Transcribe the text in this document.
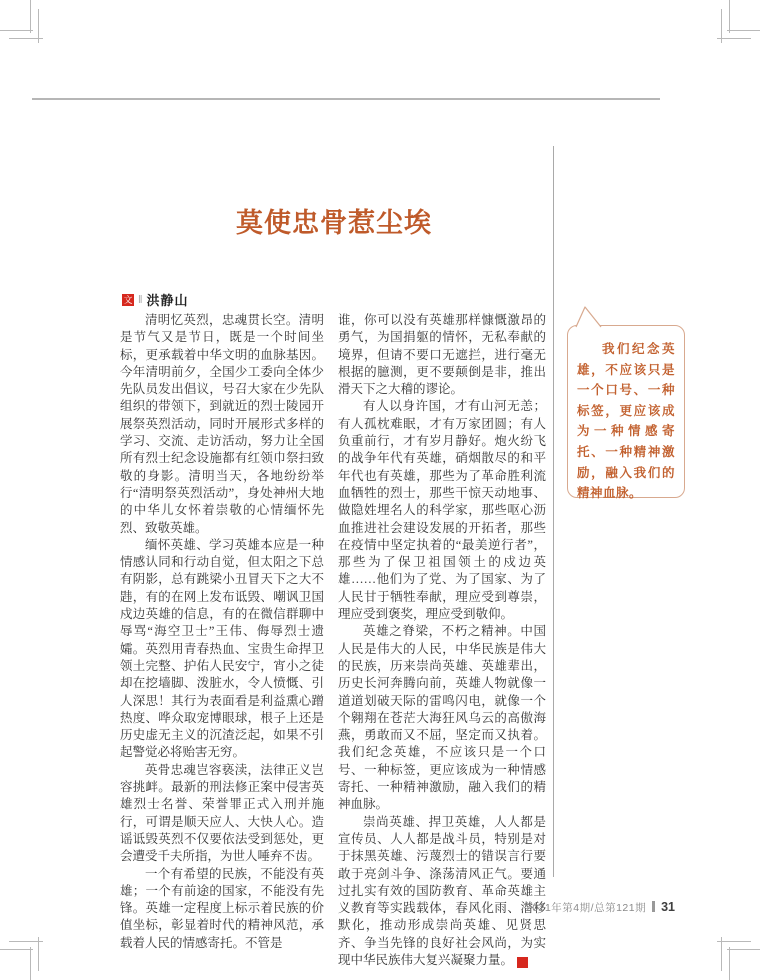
莫使忠骨惹尘埃
文 ‖ 洪静山

清明忆英烈，忠魂贯长空。清明是节气又是节日，既是一个时间坐标，更承载着中华文明的血脉基因。今年清明前夕，全国少工委向全体少先队员发出倡议，号召大家在少先队组织的带领下，到就近的烈士陵园开展祭英烈活动，同时开展形式多样的学习、交流、走访活动，努力让全国所有烈士纪念设施都有红领巾祭扫致敬的身影。清明当天，各地纷纷举行“清明祭英烈活动”，身处神州大地的中华儿女怀着崇敬的心情缅怀先烈、致敬英雄。

缅怀英雄、学习英雄本应是一种情感认同和行动自觉，但太阳之下总有阴影，总有跳梁小丑冒天下之大不韪，有的在网上发布诋毁、嘲讽卫国戍边英雄的信息，有的在微信群聊中辱骂“海空卫士”王伟、侮辱烈士遗孀。英烈用青春热血、宝贵生命捍卫领土完整、护佑人民安宁，宵小之徒却在挖墙脚、泼脏水，令人愤慨、引人深思！其行为表面看是利益熏心蹭热度、哗众取宠博眼球，根子上还是历史虚无主义的沉渣泛起，如果不引起警觉必将贻害无穷。

英骨忠魂岂容亵渎，法律正义岂容挑衅。最新的刑法修正案中侵害英雄烈士名誉、荣誉罪正式入刑并施行，可谓是顺天应人、大快人心。造谣诋毁英烈不仅要依法受到惩处，更会遭受千夫所指，为世人唾弃不齿。

一个有希望的民族，不能没有英雄；一个有前途的国家，不能没有先锋。英雄一定程度上标示着民族的价值坐标，彰显着时代的精神风范，承载着人民的情感寄托。不管是

谁，你可以没有英雄那样慷慨激昂的勇气，为国捐躯的情怀，无私奉献的境界，但请不要口无遮拦，进行毫无根据的臆测，更不要颠倒是非，推出滑天下之大稽的谬论。

有人以身许国，才有山河无恙；有人孤枕难眠，才有万家团圆；有人负重前行，才有岁月静好。炮火纷飞的战争年代有英雄，硝烟散尽的和平年代也有英雄，那些为了革命胜利流血牺牲的烈士，那些干惊天动地事、做隐姓埋名人的科学家，那些呕心沥血推进社会建设发展的开拓者，那些在疫情中坚定执着的“最美逆行者”，那些为了保卫祖国领土的戍边英雄……他们为了党、为了国家、为了人民甘于牺牲奉献，理应受到尊崇，理应受到褒奖，理应受到敬仰。

英雄之脊梁，不朽之精神。中国人民是伟大的人民，中华民族是伟大的民族，历来崇尚英雄、英雄辈出，历史长河奔腾向前，英雄人物就像一道道划破天际的雷鸣闪电，就像一个个翱翔在苍茫大海狂风乌云的高傲海燕，勇敢而又不屈，坚定而又执着。我们纪念英雄，不应该只是一个口号、一种标签，更应该成为一种情感寄托、一种精神激励，融入我们的精神血脉。

崇尚英雄、捍卫英雄，人人都是宣传员、人人都是战斗员，特别是对于抹黑英雄、污蔑烈士的错误言行要敢于亮剑斗争、涤荡清风正气。要通过扎实有效的国防教育、革命英雄主义教育等实践载体，春风化雨、潜移默化，推动形成崇尚英雄、见贤思齐、争当先锋的良好社会风尚，为实现中华民族伟大复兴凝聚力量。	G

我们纪念英雄，不应该只是一个口号、一种标签，更应该成为一种情感寄托、一种精神激励，融入我们的精神血脉。

2021年第4期/总第121期 31
